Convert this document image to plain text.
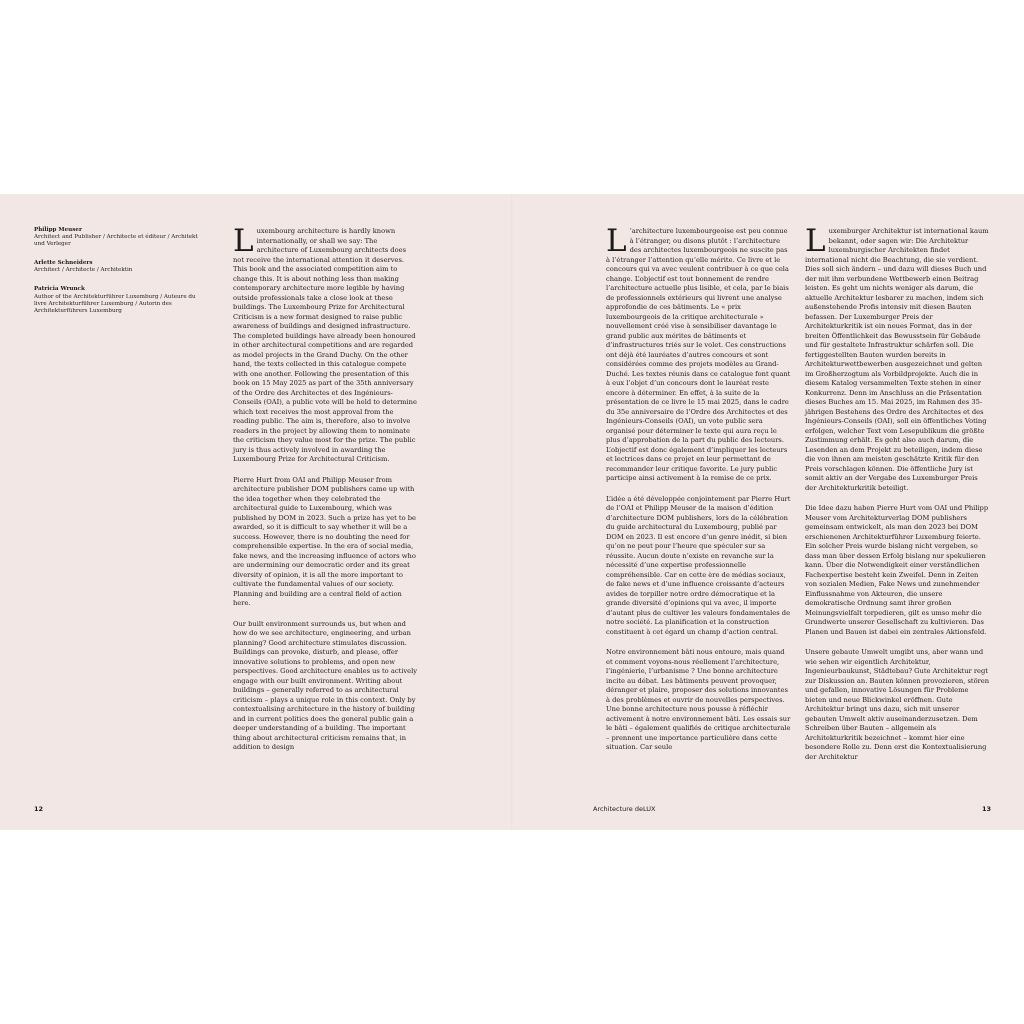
Philipp Meuser
Architect and Publisher / Architecte et éditeur / Architekt und Verleger
Arlette Schneiders
Architect / Architecte / Architektin
Patricia Wrunck
Author of the Architekturführer Luxemburg / Auteure du livre Architekturführer Luxemburg / Autorin des Architekturführers Luxemburg

Luxembourg architecture is hardly known internationally, or shall we say: The architecture of Luxembourg architects does not receive the international attention it deserves. This book and the associated competition aim to change this. It is about nothing less than making contemporary architecture more legible by having outside professionals take a close look at these buildings. The Luxembourg Prize for Architectural Criticism is a new format designed to raise public awareness of buildings and designed infrastructure. The completed buildings have already been honoured in other architectural competitions and are regarded as model projects in the Grand Duchy. On the other hand, the texts collected in this catalogue compete with one another. Following the presentation of this book on 15 May 2025 as part of the 35th anniversary of the Ordre des Architectes et des Ingénieurs-Conseils (OAI), a public vote will be held to determine which text receives the most approval from the reading public. The aim is, therefore, also to involve readers in the project by allowing them to nominate the criticism they value most for the prize. The public jury is thus actively involved in awarding the Luxembourg Prize for Architectural Criticism.

Pierre Hurt from OAI and Philipp Meuser from architecture publisher DOM publishers came up with the idea together when they celebrated the architectural guide to Luxembourg, which was published by DOM in 2023. Such a prize has yet to be awarded, so it is difficult to say whether it will be a success. However, there is no doubting the need for comprehensible expertise. In the era of social media, fake news, and the increasing influence of actors who are undermining our democratic order and its great diversity of opinion, it is all the more important to cultivate the fundamental values of our society. Planning and building are a central field of action here.

Our built environment surrounds us, but when and how do we see architecture, engineering, and urban planning? Good architecture stimulates discussion. Buildings can provoke, disturb, and please, offer innovative solutions to problems, and open new perspectives. Good architecture enables us to actively engage with our built environment. Writing about buildings – generally referred to as architectural criticism – plays a unique role in this context. Only by contextualising architecture in the history of building and in current politics does the general public gain a deeper understanding of a building. The important thing about architectural criticism remains that, in addition to design

L ’architecture luxembourgeoise est peu connue à l’étranger, ou disons plutôt : l’architecture des architectes luxembourgeois ne suscite pas à l’étranger l’attention qu’elle mérite. Ce livre et le concours qui va avec veulent contribuer à ce que cela change. L’objectif est tout bonnement de rendre l’architecture actuelle plus lisible, et cela, par le biais de professionnels extérieurs qui livrent une analyse approfondie de ces bâtiments. Le « prix luxembourgeois de la critique architecturale » nouvellement créé vise à sensibiliser davantage le grand public aux mérites de bâtiments et d’infrastructures triés sur le volet. Ces constructions ont déjà été lauréates d’autres concours et sont considérées comme des projets modèles au Grand-Duché. Les textes réunis dans ce catalogue font quant à eux l’objet d’un concours dont le lauréat reste encore à déterminer. En effet, à la suite de la présentation de ce livre le 15 mai 2025, dans le cadre du 35e anniversaire de l’Ordre des Architectes et des Ingénieurs-Conseils (OAI), un vote public sera organisé pour déterminer le texte qui aura reçu le plus d’approbation de la part du public des lecteurs. L’objectif est donc également d’impliquer les lecteurs et lectrices dans ce projet en leur permettant de recommander leur critique favorite. Le jury public participe ainsi activement à la remise de ce prix.

L’idée a été développée conjointement par Pierre Hurt de l’OAI et Philipp Meuser de la maison d’édition d’architecture DOM publishers, lors de la célébration du guide architectural du Luxembourg, publié par DOM en 2023. Il est encore d’un genre inédit, si bien qu’on ne peut pour l’heure que spéculer sur sa réussite. Aucun doute n’existe en revanche sur la nécessité d’une expertise professionnelle compréhensible. Car en cette ère de médias sociaux, de fake news et d’une influence croissante d’acteurs avides de torpiller notre ordre démocratique et la grande diversité d’opinions qui va avec, il importe d’autant plus de cultiver les valeurs fondamentales de notre société. La planification et la construction constituent à cet égard un champ d’action central.

Notre environnement bâti nous entoure, mais quand et comment voyons-nous réellement l’architecture, l’ingénierie, l’urbanisme ? Une bonne architecture incite au débat. Les bâtiments peuvent provoquer, déranger et plaire, proposer des solutions innovantes à des problèmes et ouvrir de nouvelles perspectives. Une bonne architecture nous pousse à réfléchir activement à notre environnement bâti. Les essais sur le bâti – également qualifiés de critique architecturale – prennent une importance particulière dans cette situation. Car seule

Luxemburger Architektur ist international kaum bekannt, oder sagen wir: Die Architektur luxemburgischer Architekten findet international nicht die Beachtung, die sie verdient. Dies soll sich ändern – und dazu will dieses Buch und der mit ihm verbundene Wettbewerb einen Beitrag leisten. Es geht um nichts weniger als darum, die aktuelle Architektur lesbarer zu machen, indem sich außenstehende Profis intensiv mit diesen Bauten befassen. Der Luxemburger Preis der Architekturkritik ist ein neues Format, das in der breiten Öffentlichkeit das Bewusstsein für Gebäude und für gestaltete Infrastruktur schärfen soll. Die fertiggestellten Bauten wurden bereits in Architekturwettbewerben ausgezeichnet und gelten im Großherzogtum als Vorbildprojekte. Auch die in diesem Katalog versammelten Texte stehen in einer Konkurrenz. Denn im Anschluss an die Präsentation dieses Buches am 15. Mai 2025, im Rahmen des 35-jährigen Bestehens des Ordre des Architectes et des Ingénieurs-Conseils (OAI), soll ein öffentliches Voting erfolgen, welcher Text vom Lesepublikum die größte Zustimmung erhält. Es geht also auch darum, die Lesenden an dem Projekt zu beteiligen, indem diese die von ihnen am meisten geschätzte Kritik für den Preis vorschlagen können. Die öffentliche Jury ist somit aktiv an der Vergabe des Luxemburger Preis der Architekturkritik beteiligt.

Die Idee dazu haben Pierre Hurt vom OAI und Philipp Meuser vom Architekturverlag DOM publishers gemeinsam entwickelt, als man den 2023 bei DOM erschienenen Architekturführer Luxemburg feierte. Ein solcher Preis wurde bislang nicht vergeben, so dass man über dessen Erfolg bislang nur spekulieren kann. Über die Notwendigkeit einer verständlichen Fachexpertise besteht kein Zweifel. Denn in Zeiten von sozialen Medien, Fake News und zunehmender Einflussnahme von Akteuren, die unsere demokratische Ordnung samt ihrer großen Meinungsvielfalt torpedieren, gilt es umso mehr die Grundwerte unserer Gesellschaft zu kultivieren. Das Planen und Bauen ist dabei ein zentrales Aktionsfeld.

Unsere gebaute Umwelt umgibt uns, aber wann und wie sehen wir eigentlich Architektur, Ingenieurbaukunst, Städtebau? Gute Architektur regt zur Diskussion an. Bauten können provozieren, stören und gefallen, innovative Lösungen für Probleme bieten und neue Blickwinkel eröffnen. Gute Architektur bringt uns dazu, sich mit unserer gebauten Umwelt aktiv auseinanderzusetzen. Dem Schreiben über Bauten – allgemein als Architekturkritik bezeichnet – kommt hier eine besondere Rolle zu. Denn erst die Kontextualisierung der Architektur

12	Architecture deLUX	13
